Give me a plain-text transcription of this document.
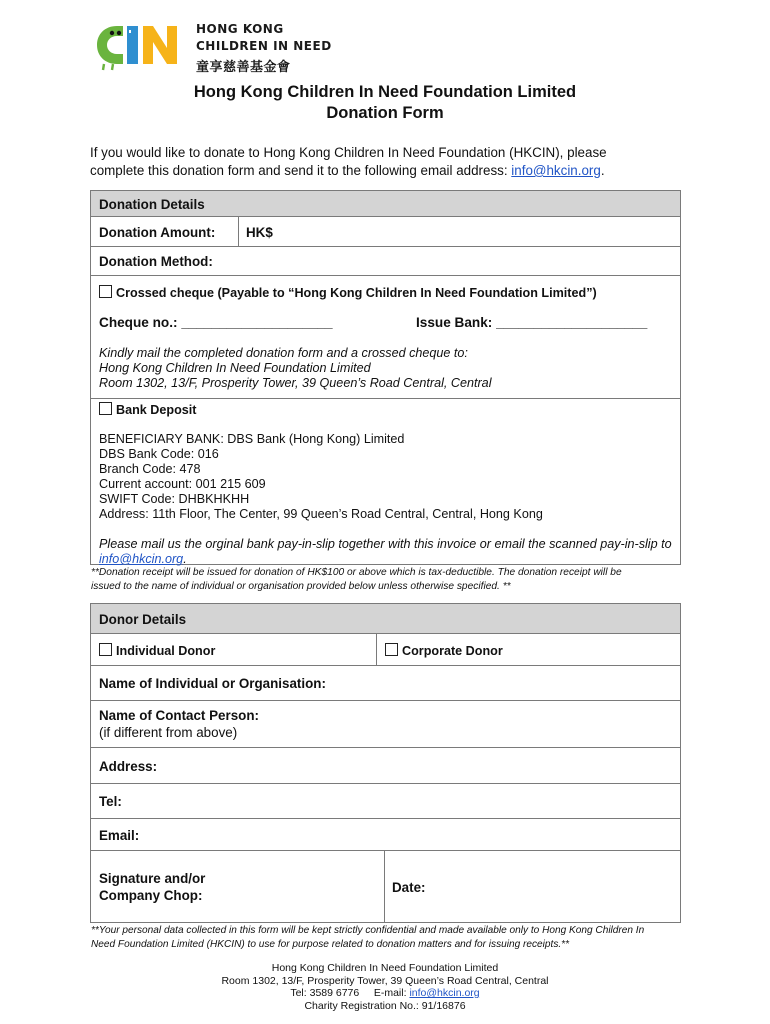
HONG KONG
CHILDREN IN NEED
童享慈善基金會
Hong Kong Children In Need Foundation Limited
Donation Form
If you would like to donate to Hong Kong Children In Need Foundation (HKCIN), please
complete this donation form and send it to the following email address: info@hkcin.org.
Donation Details
Donation Amount: HK$
Donation Method:
Crossed cheque (Payable to “Hong Kong Children In Need Foundation Limited”)
Cheque no.: ____________________	Issue Bank: ____________________
Kindly mail the completed donation form and a crossed cheque to:
Hong Kong Children In Need Foundation Limited
Room 1302, 13/F, Prosperity Tower, 39 Queen’s Road Central, Central
Bank Deposit
BENEFICIARY BANK: DBS Bank (Hong Kong) Limited
DBS Bank Code: 016
Branch Code: 478
Current account: 001 215 609
SWIFT Code: DHBKHKHH
Address: 11th Floor, The Center, 99 Queen’s Road Central, Central, Hong Kong
Please mail us the orginal bank pay-in-slip together with this invoice or email the scanned pay-in-slip to
info@hkcin.org.
**Donation receipt will be issued for donation of HK$100 or above which is tax-deductible. The donation receipt will be
issued to the name of individual or organisation provided below unless otherwise specified. **
Donor Details
Individual Donor	Corporate Donor
Name of Individual or Organisation:
Name of Contact Person:
(if different from above)
Address:
Tel:
Email:
Signature and/or
Company Chop:
Date:
**Your personal data collected in this form will be kept strictly confidential and made available only to Hong Kong Children In
Need Foundation Limited (HKCIN) to use for purpose related to donation matters and for issuing receipts.**
Hong Kong Children In Need Foundation Limited
Room 1302, 13/F, Prosperity Tower, 39 Queen’s Road Central, Central
Tel: 3589 6776 E-mail: info@hkcin.org
Charity Registration No.: 91/16876
